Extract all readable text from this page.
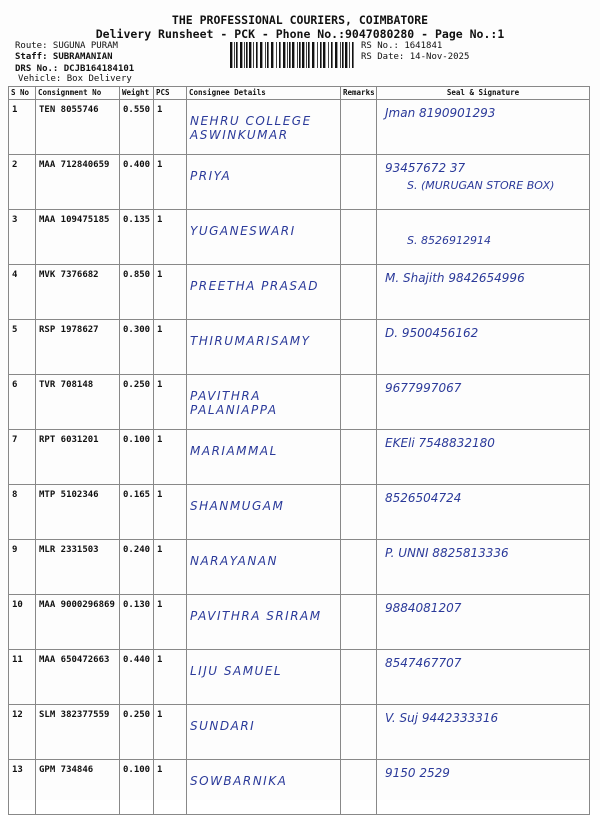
THE PROFESSIONAL COURIERS, COIMBATORE
Delivery Runsheet - PCK - Phone No.:9047080280 - Page No.:1
Route: SUGUNA PURAM
Staff: SUBRAMANIAN
DRS No.: DCJB164184101
Vehicle: Box Delivery
RS No.: 1641841
RS Date: 14-Nov-2025
S No	Consignment No	Weight	PCS	Consignee Details	Remarks	Seal & Signature
1	TEN 8055746	0.550	1	NEHRU COLLEGE ASWINKUMAR		Jman 8190901293

2	MAA 712840659	0.400	1	PRIYA		93457672 37
S. (MURUGAN STORE BOX)

3	MAA 109475185	0.135	1	YUGANESWARI		S. 8526912914

4	MVK 7376682	0.850	1	PREETHA PRASAD		M. Shajith 9842654996

5	RSP 1978627	0.300	1	THIRUMARISAMY		D. 9500456162

6	TVR 708148	0.250	1	PAVITHRA PALANIAPPA		9677997067

7	RPT 6031201	0.100	1	MARIAMMAL		EKEli 7548832180

8	MTP 5102346	0.165	1	SHANMUGAM		8526504724

9	MLR 2331503	0.240	1	NARAYANAN		P. UNNI 8825813336

10	MAA 9000296869	0.130	1	PAVITHRA SRIRAM		9884081207

11	MAA 650472663	0.440	1	LIJU SAMUEL		8547467707

12	SLM 382377559	0.250	1	SUNDARI		V. Suj 9442333316

13	GPM 734846	0.100	1	SOWBARNIKA		9150 2529
